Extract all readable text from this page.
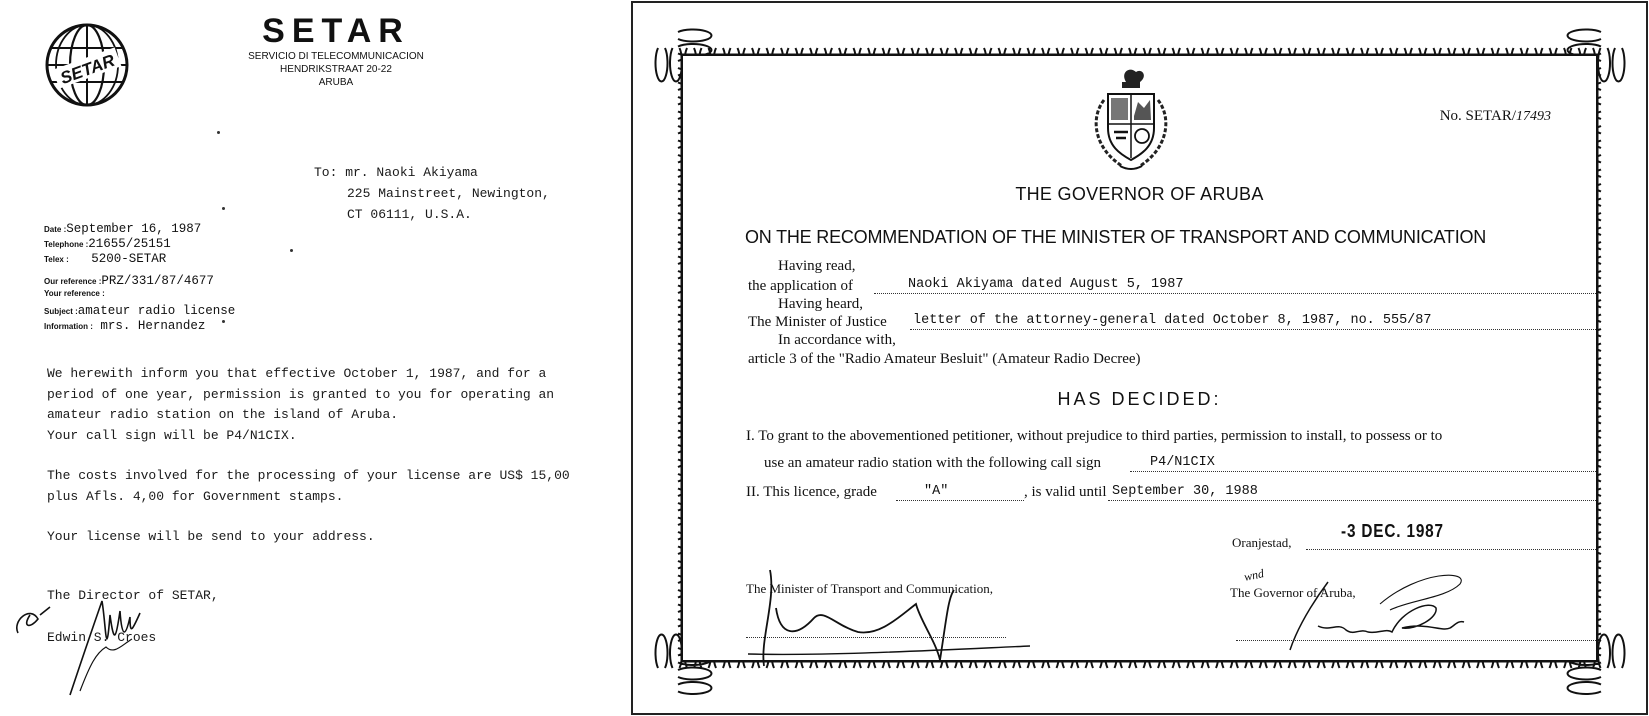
SETAR
SETAR
SERVICIO DI TELECOMMUNICACION
HENDRIKSTRAAT 20-22
ARUBA
To: mr. Naoki Akiyama
225 Mainstreet, Newington,
CT 06111, U.S.A.
Date : September 16, 1987
Telephone : 21655/25151
Telex : 5200-SETAR
Our reference : PRZ/331/87/4677
Your reference :
Subject : amateur radio license
Information : mrs. Hernandez

We herewith inform you that effective October 1, 1987, and for a
period of one year, permission is granted to you for operating an
amateur radio station on the island of Aruba.
Your call sign will be P4/N1CIX.

The costs involved for the processing of your license are US$ 15,00
plus Afls. 4,00 for Government stamps.

Your license will be send to your address.

The Director of SETAR,
Edwin S. Croes
No. SETAR/17493
THE GOVERNOR OF ARUBA
ON THE RECOMMENDATION OF THE MINISTER OF TRANSPORT AND COMMUNICATION
Having read,
the application of	Naoki Akiyama dated August 5, 1987
Having heard,
The Minister of Justice letter of the attorney-general dated October 8, 1987, no. 555/87
In accordance with,
article 3 of the "Radio Amateur Besluit" (Amateur Radio Decree)
HAS DECIDED:
I. To grant to the abovementioned petitioner, without prejudice to third parties, permission to install, to possess or to
use an amateur radio station with the following call sign	P4/N1CIX
II. This licence, grade	"A"	, is valid until September 30, 1988
-3 DEC. 1987
Oranjestad,
The Minister of Transport and Communication,	The Governor of Aruba,
wnd
